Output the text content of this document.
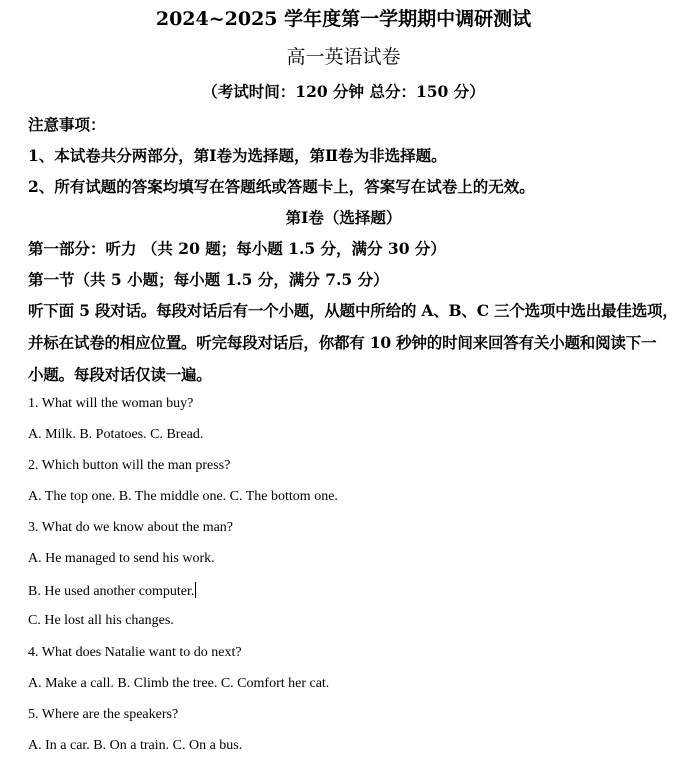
2024~2025 学年度第一学期期中调研测试
高一英语试卷
（考试时间：120 分钟 总分：150 分）
注意事项：
1、本试卷共分两部分，第Ⅰ卷为选择题，第Ⅱ卷为非选择题。
2、所有试题的答案均填写在答题纸或答题卡上，答案写在试卷上的无效。
第Ⅰ卷（选择题）
第一部分：听力 （共 20 题；每小题 1.5 分，满分 30 分）
第一节（共 5 小题；每小题 1.5 分，满分 7.5 分）
听下面 5 段对话。每段对话后有一个小题，从题中所给的 A、B、C 三个选项中选出最佳选项，
并标在试卷的相应位置。听完每段对话后，你都有 10 秒钟的时间来回答有关小题和阅读下一
小题。每段对话仅读一遍。
1. What will the woman buy?
A. Milk. B. Potatoes. C. Bread.
2. Which button will the man press?
A. The top one. B. The middle one. C. The bottom one.
3. What do we know about the man?
A. He managed to send his work.
B. He used another computer.
C. He lost all his changes.
4. What does Natalie want to do next?
A. Make a call. B. Climb the tree. C. Comfort her cat.
5. Where are the speakers?
A. In a car. B. On a train. C. On a bus.
